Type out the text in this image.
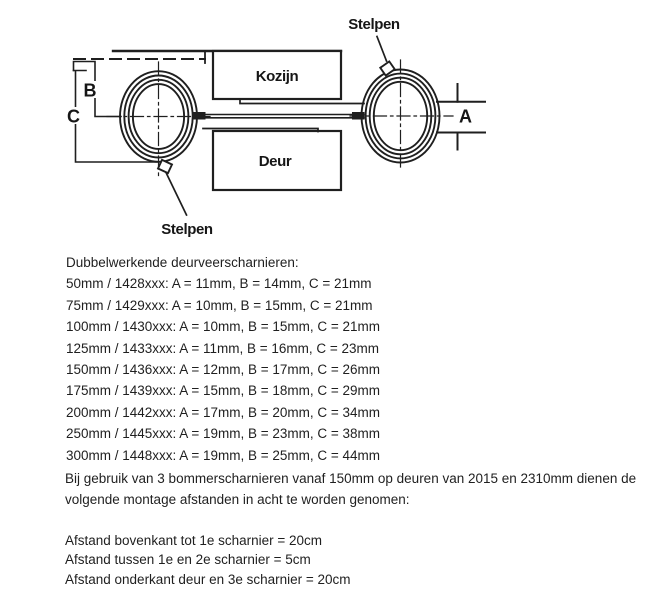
Stelpen
Stelpen
Kozijn
Deur
A
B
C
Dubbelwerkende deurveerscharnieren:
50mm / 1428xxx: A = 11mm, B = 14mm, C = 21mm
75mm / 1429xxx: A = 10mm, B = 15mm, C = 21mm
100mm / 1430xxx: A = 10mm, B = 15mm, C = 21mm
125mm / 1433xxx: A = 11mm, B = 16mm, C = 23mm
150mm / 1436xxx: A = 12mm, B = 17mm, C = 26mm
175mm / 1439xxx: A = 15mm, B = 18mm, C = 29mm
200mm / 1442xxx: A = 17mm, B = 20mm, C = 34mm
250mm / 1445xxx: A = 19mm, B = 23mm, C = 38mm
300mm / 1448xxx: A = 19mm, B = 25mm, C = 44mm
Bij gebruik van 3 bommerscharnieren vanaf 150mm op deuren van 2015 en 2310mm dienen de
volgende montage afstanden in acht te worden genomen:
Afstand bovenkant tot 1e scharnier = 20cm
Afstand tussen 1e en 2e scharnier = 5cm
Afstand onderkant deur en 3e scharnier = 20cm
